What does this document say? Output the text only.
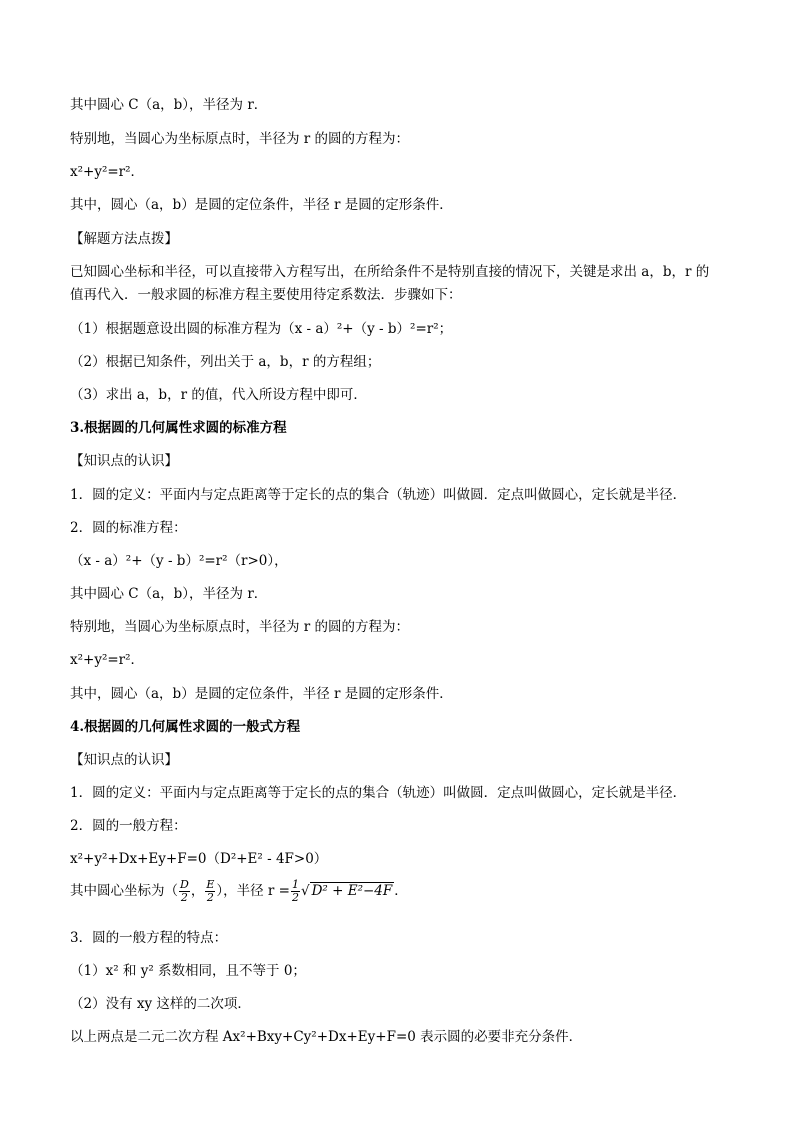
其中圆心 C（a，b），半径为 r．
特别地，当圆心为坐标原点时，半径为 r 的圆的方程为：
x²+y²=r²．
其中，圆心（a，b）是圆的定位条件，半径 r 是圆的定形条件．
【解题方法点拨】
已知圆心坐标和半径，可以直接带入方程写出，在所给条件不是特别直接的情况下，关键是求出 a，b，r 的
值再代入．一般求圆的标准方程主要使用待定系数法．步骤如下：
（1）根据题意设出圆的标准方程为（x - a）²+（y - b）²=r²；
（2）根据已知条件，列出关于 a，b，r 的方程组；
（3）求出 a，b，r 的值，代入所设方程中即可．
3.根据圆的几何属性求圆的标准方程
【知识点的认识】
1．圆的定义：平面内与定点距离等于定长的点的集合（轨迹）叫做圆．定点叫做圆心，定长就是半径．
2．圆的标准方程：
（x - a）²+（y - b）²=r²（r>0），
其中圆心 C（a，b），半径为 r．
特别地，当圆心为坐标原点时，半径为 r 的圆的方程为：
x²+y²=r²．
其中，圆心（a，b）是圆的定位条件，半径 r 是圆的定形条件．
4.根据圆的几何属性求圆的一般式方程
【知识点的认识】
1．圆的定义：平面内与定点距离等于定长的点的集合（轨迹）叫做圆．定点叫做圆心，定长就是半径．
2．圆的一般方程：
x²+y²+Dx+Ey+F=0（D²+E² - 4F>0）
其中圆心坐标为（ $\frac{D}{2}$ ， $\frac{E}{2}$ ），半径 $r = \frac{1}{2}$ √ D² + E²−4F ．
3．圆的一般方程的特点：
（1）x² 和 y² 系数相同，且不等于 0；
（2）没有 xy 这样的二次项．
以上两点是二元二次方程 Ax²+Bxy+Cy²+Dx+Ey+F=0 表示圆的必要非充分条件．
